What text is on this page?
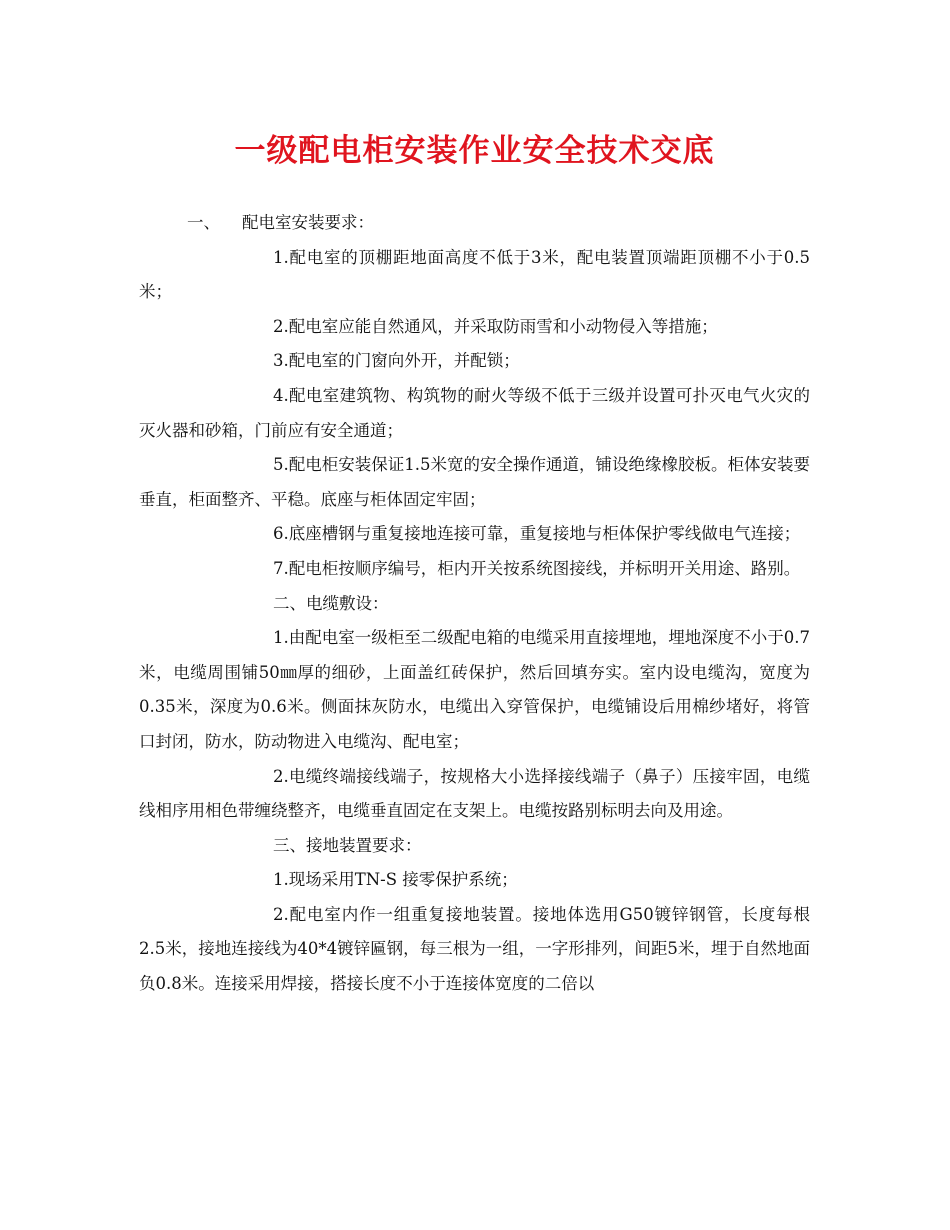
一级配电柜安装作业安全技术交底

一、 配电室安装要求：

1.配电室的顶棚距地面高度不低于3米，配电装置顶端距顶棚不小于0.5米；

2.配电室应能自然通风，并采取防雨雪和小动物侵入等措施；

3.配电室的门窗向外开，并配锁；

4.配电室建筑物、构筑物的耐火等级不低于三级并设置可扑灭电气火灾的灭火器和砂箱，门前应有安全通道；

5.配电柜安装保证1.5米宽的安全操作通道，铺设绝缘橡胶板。柜体安装要垂直，柜面整齐、平稳。底座与柜体固定牢固；

6.底座槽钢与重复接地连接可靠，重复接地与柜体保护零线做电气连接；

7.配电柜按顺序编号，柜内开关按系统图接线，并标明开关用途、路别。

二、电缆敷设：

1.由配电室一级柜至二级配电箱的电缆采用直接埋地，埋地深度不小于0.7米，电缆周围铺50㎜厚的细砂，上面盖红砖保护，然后回填夯实。室内设电缆沟，宽度为0.35米，深度为0.6米。侧面抹灰防水，电缆出入穿管保护，电缆铺设后用棉纱堵好，将管口封闭，防水，防动物进入电缆沟、配电室；

2.电缆终端接线端子，按规格大小选择接线端子（鼻子）压接牢固，电缆线相序用相色带缠绕整齐，电缆垂直固定在支架上。电缆按路别标明去向及用途。

三、接地装置要求：

1.现场采用TN-S 接零保护系统；

2.配电室内作一组重复接地装置。接地体选用G50镀锌钢管，长度每根2.5米，接地连接线为40*4镀锌匾钢，每三根为一组，一字形排列，间距5米，埋于自然地面负0.8米。连接采用焊接，搭接长度不小于连接体宽度的二倍以
